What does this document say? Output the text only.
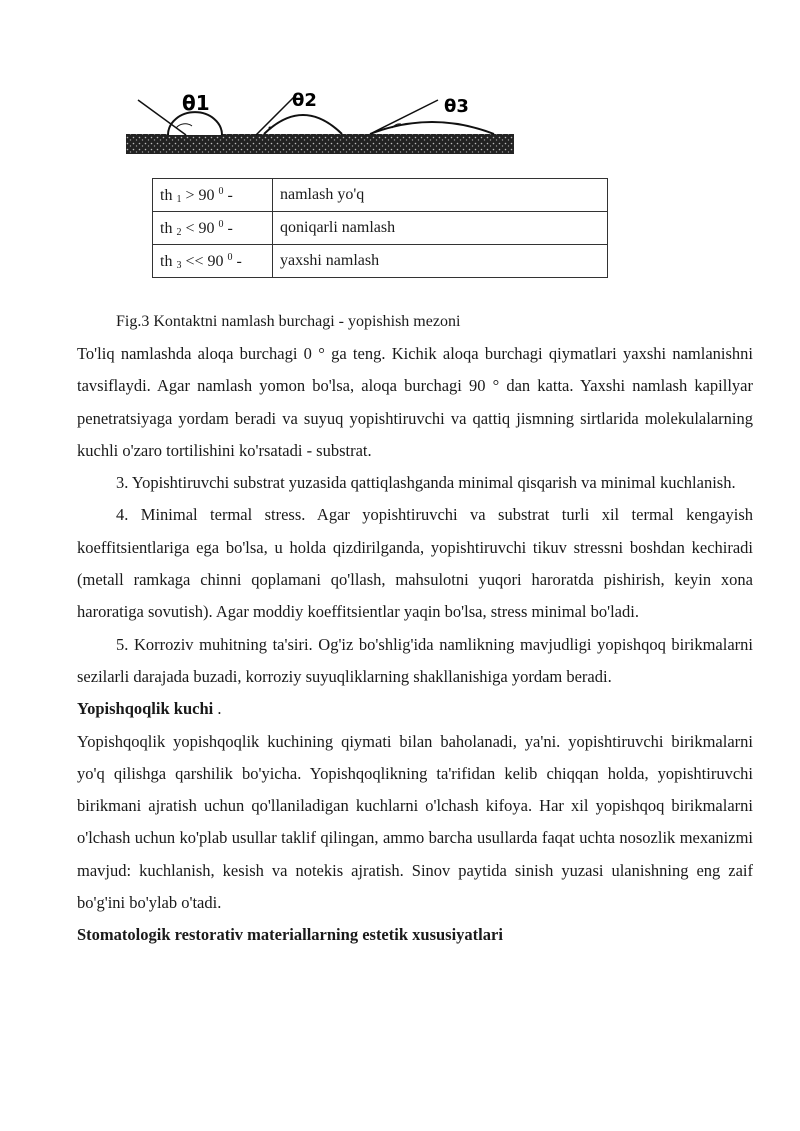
θ1	θ2	θ3
th $_1$ > 90 $^0$ -	namlash yo'q
th $_2$ < 90 $^0$ -	qoniqarli namlash
th $_3$ << 90 $^0$ -	yaxshi namlash
Fig.3 Kontaktni namlash burchagi - yopishish mezoni

To'liq namlashda aloqa burchagi 0 ° ga teng. Kichik aloqa burchagi qiymatlari yaxshi namlanishni tavsiflaydi. Agar namlash yomon bo'lsa, aloqa burchagi 90 ° dan katta. Yaxshi namlash kapillyar penetratsiyaga yordam beradi va suyuq yopishtiruvchi va qattiq jismning sirtlarida molekulalarning kuchli o'zaro tortilishini ko'rsatadi - substrat.

3. Yopishtiruvchi substrat yuzasida qattiqlashganda minimal qisqarish va minimal kuchlanish.

4. Minimal termal stress. Agar yopishtiruvchi va substrat turli xil termal kengayish koeffitsientlariga ega bo'lsa, u holda qizdirilganda, yopishtiruvchi tikuv stressni boshdan kechiradi (metall ramkaga chinni qoplamani qo'llash, mahsulotni yuqori haroratda pishirish, keyin xona haroratiga sovutish). Agar moddiy koeffitsientlar yaqin bo'lsa, stress minimal bo'ladi.

5. Korroziv muhitning ta'siri. Og'iz bo'shlig'ida namlikning mavjudligi yopishqoq birikmalarni sezilarli darajada buzadi, korroziy suyuqliklarning shakllanishiga yordam beradi.

Yopishqoqlik kuchi .

Yopishqoqlik yopishqoqlik kuchining qiymati bilan baholanadi, ya'ni. yopishtiruvchi birikmalarni yo'q qilishga qarshilik bo'yicha. Yopishqoqlikning ta'rifidan kelib chiqqan holda, yopishtiruvchi birikmani ajratish uchun qo'llaniladigan kuchlarni o'lchash kifoya. Har xil yopishqoq birikmalarni o'lchash uchun ko'plab usullar taklif qilingan, ammo barcha usullarda faqat uchta nosozlik mexanizmi mavjud: kuchlanish, kesish va notekis ajratish. Sinov paytida sinish yuzasi ulanishning eng zaif bo'g'ini bo'ylab o'tadi.

Stomatologik restorativ materiallarning estetik xususiyatlari
